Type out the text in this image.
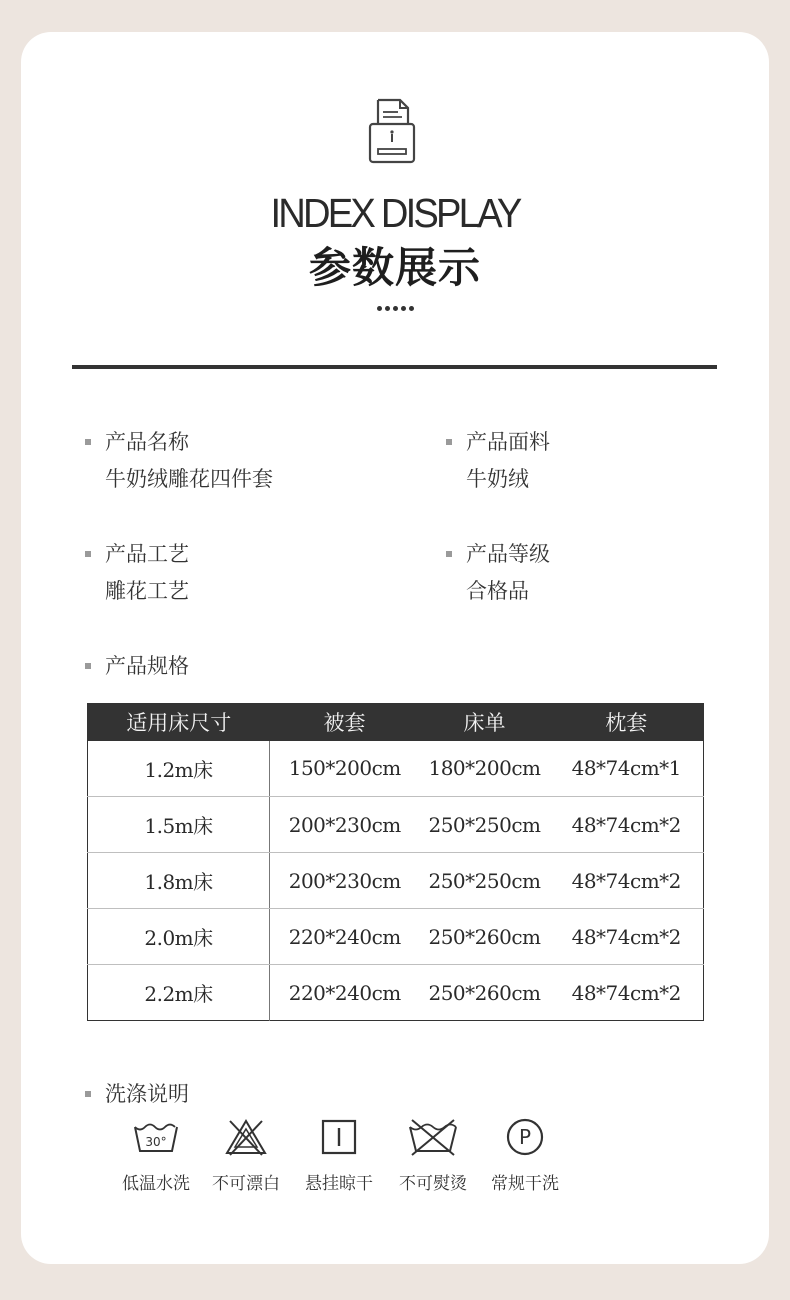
INDEX DISPLAY
参数展示
产品名称
牛奶绒雕花四件套
产品面料
牛奶绒
产品工艺
雕花工艺
产品等级
合格品
产品规格
适用床尺寸	被套	床单	枕套
1.2m床	150*200cm	180*200cm	48*74cm*1
1.5m床	200*230cm	250*250cm	48*74cm*2
1.8m床	200*230cm	250*250cm	48*74cm*2
2.0m床	220*240cm	250*260cm	48*74cm*2
2.2m床	220*240cm	250*260cm	48*74cm*2
洗涤说明
30°
低温水洗 不可漂白 悬挂晾干 不可熨烫
P
常规干洗
